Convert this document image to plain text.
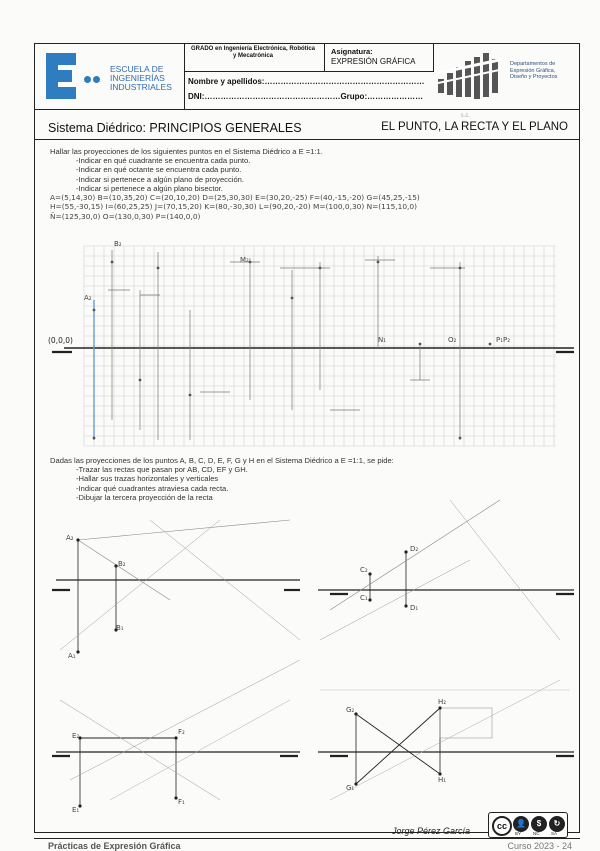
ESCUELA DE
INGENIERÍAS
INDUSTRIALES
GRADO en Ingeniería Electrónica, Robótica
y Mecatrónica	Asignatura:
EXPRESIÓN GRÁFICA
Nombre y apellidos:……………………………………………………
DNI:……………………………………………Grupo:…………………
Departamentos de
Expresión Gráfica,
Diseño y Proyectos
Sistema Diédrico: PRINCIPIOS GENERALES
s.c.
EL PUNTO, LA RECTA Y EL PLANO
Hallar las proyecciones de los siguientes puntos en el Sistema Diédrico a E =1:1.
-Indicar en qué cuadrante se encuentra cada punto.
-Indicar en qué octante se encuentra cada punto.
-Indicar si pertenece a algún plano de proyección.
-Indicar si pertenece a algún plano bisector.
A=(5,14,30) B=(10,35,20) C=(20,10,20) D=(25,30,30) E=(30,20,-25) F=(40,-15,-20) G=(45,25,-15)
H=(55,-30,15) I=(60,25,25) J=(70,15,20) K=(80,-30,30) L=(90,20,-20) M=(100,0,30) N=(115,10,0)
Ñ=(125,30,0) O=(130,0,30) P=(140,0,0)
(0,0,0)
A₂
B₂
N₁
M₂
O₂	P₁P₂
Dadas las proyecciones de los puntos A, B, C, D, E, F, G y H en el Sistema Diédrico a E =1:1, se pide:
-Trazar las rectas que pasan por AB, CD, EF y GH.
-Hallar sus trazas horizontales y verticales
-Indicar qué cuadrantes atraviesa cada recta.
-Dibujar la tercera proyección de la recta
A₂
A₁
B₂
B₁
C₂
C₁
D₂
D₁
E₂
E₁
F₂
F₁
G₂
G₁
H₂
H₁
Jorge Pérez García	cc	👤	$	↻
BY	NC	SA
Prácticas de Expresión Gráfica	Curso 2023 - 24
